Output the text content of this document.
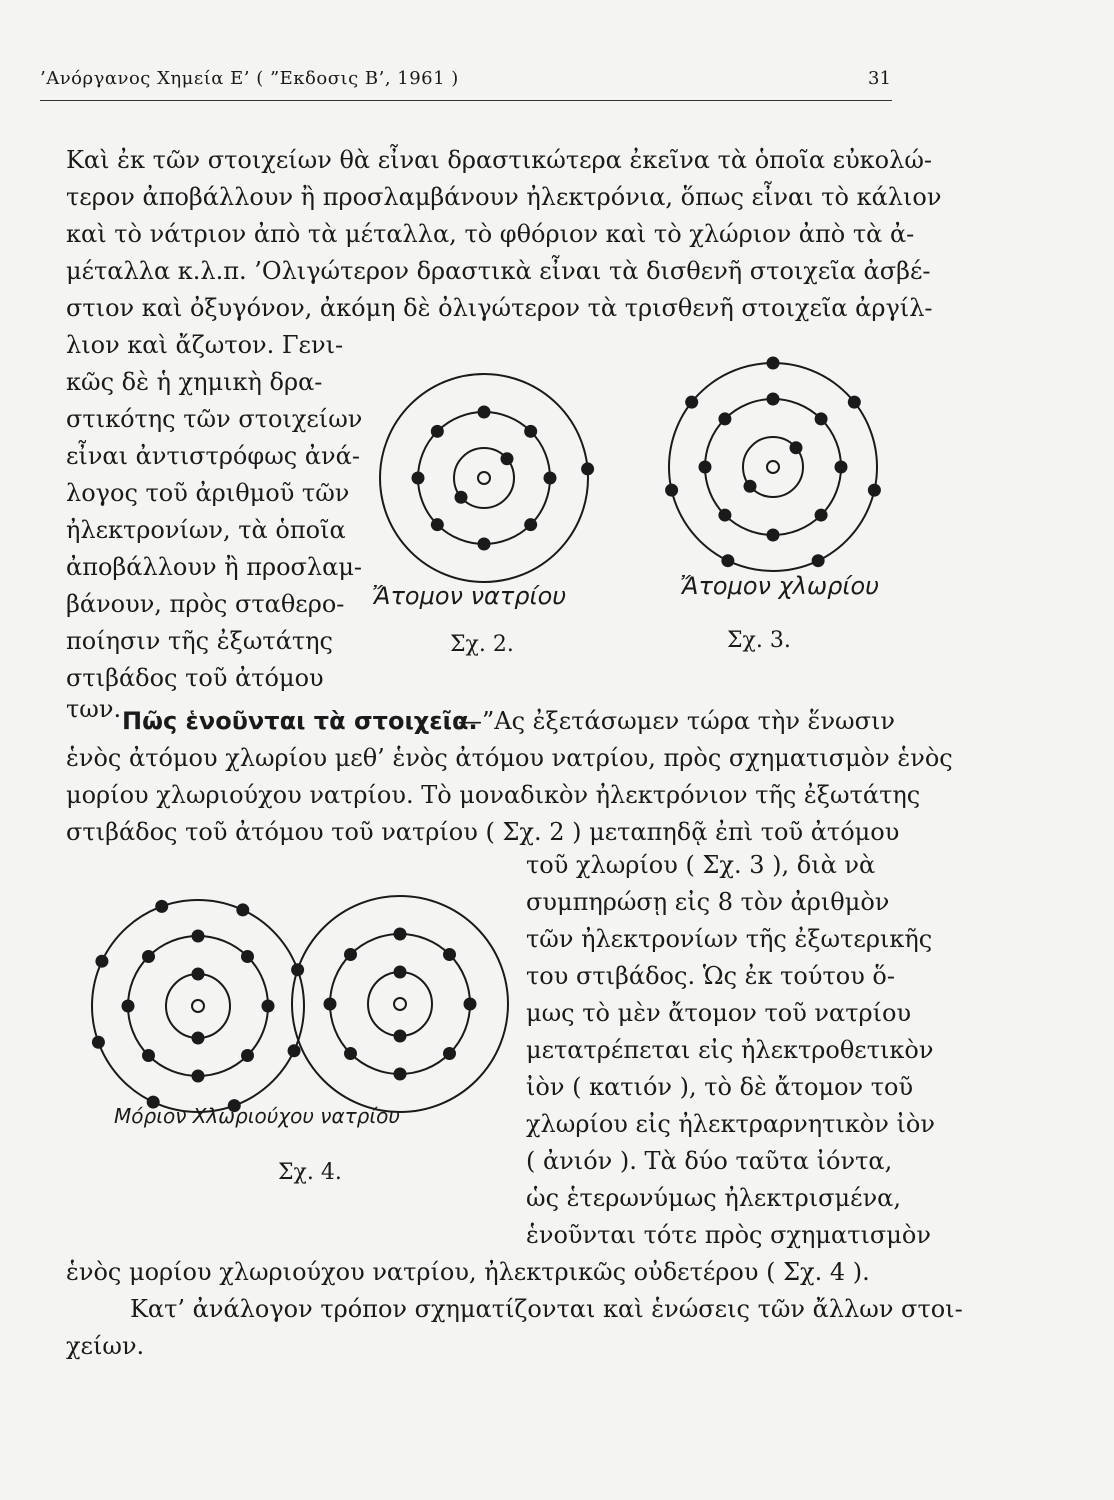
’Ανόργανος Χημεία Ε’ ( ”Εκδοσις Β’, 1961 )	31
Καὶ ἐκ τῶν στοιχείων θὰ εἶναι δραστικώτερα ἐκεῖνα τὰ ὁποῖα εὐκολώ-
τερον ἀποβάλλουν ἢ προσλαμβάνουν ἠλεκτρόνια, ὅπως εἶναι τὸ κάλιον
καὶ τὸ νάτριον ἀπὸ τὰ μέταλλα, τὸ φθόριον καὶ τὸ χλώριον ἀπὸ τὰ ἀ-
μέταλλα κ.λ.π. ’Ολιγώτερον δραστικὰ εἶναι τὰ δισθενῆ στοιχεῖα ἀσβέ-
στιον καὶ ὀξυγόνον, ἀκόμη δὲ ὀλιγώτερον τὰ τρισθενῆ στοιχεῖα ἀργίλ-
λιον καὶ ἄζωτον. Γενι-
κῶς δὲ ἡ χημικὴ δρα-
στικότης τῶν στοιχείων
εἶναι ἀντιστρόφως ἀνά-
λογος τοῦ ἀριθμοῦ τῶν
ἠλεκτρονίων, τὰ ὁποῖα
ἀποβάλλουν ἢ προσλαμ-
βάνουν, πρὸς σταθερο-
ποίησιν τῆς ἐξωτάτης
στιβάδος τοῦ ἀτόμου
των. Πῶς ἑνοῦνται τὰ στοιχεῖα.
—”Ας ἐξετάσωμεν τώρα τὴν ἕνωσιν
ἑνὸς ἀτόμου χλωρίου μεθ’ ἑνὸς ἀτόμου νατρίου, πρὸς σχηματισμὸν ἑνὸς
μορίου χλωριούχου νατρίου. Τὸ μοναδικὸν ἠλεκτρόνιον τῆς ἐξωτάτης
στιβάδος τοῦ ἀτόμου τοῦ νατρίου ( Σχ. 2 ) μεταπηδᾷ ἐπὶ τοῦ ἀτόμου
τοῦ χλωρίου ( Σχ. 3 ), διὰ νὰ
συμπηρώσῃ εἰς 8 τὸν ἀριθμὸν
τῶν ἠλεκτρονίων τῆς ἐξωτερικῆς
του στιβάδος. Ὡς ἐκ τούτου ὅ-
μως τὸ μὲν ἄτομον τοῦ νατρίου
μετατρέπεται εἰς ἠλεκτροθετικὸν
ἰὸν ( κατιόν ), τὸ δὲ ἄτομον τοῦ
χλωρίου εἰς ἠλεκτραρνητικὸν ἰὸν
( ἀνιόν ). Τὰ δύο ταῦτα ἰόντα,
ὡς ἑτερωνύμως ἠλεκτρισμένα,
ἑνοῦνται τότε πρὸς σχηματισμὸν
ἑνὸς μορίου χλωριούχου νατρίου, ἠλεκτρικῶς οὐδετέρου ( Σχ. 4 ).
Κατ’ ἀνάλογον τρόπον σχηματίζονται καὶ ἑνώσεις τῶν ἄλλων στοι-
χείων.
Ἄτομον νατρίου
Σχ. 2.
Ἄτομον χλωρίου
Σχ. 3.
Μόριον Χλωριούχου νατρίου
Σχ. 4.
